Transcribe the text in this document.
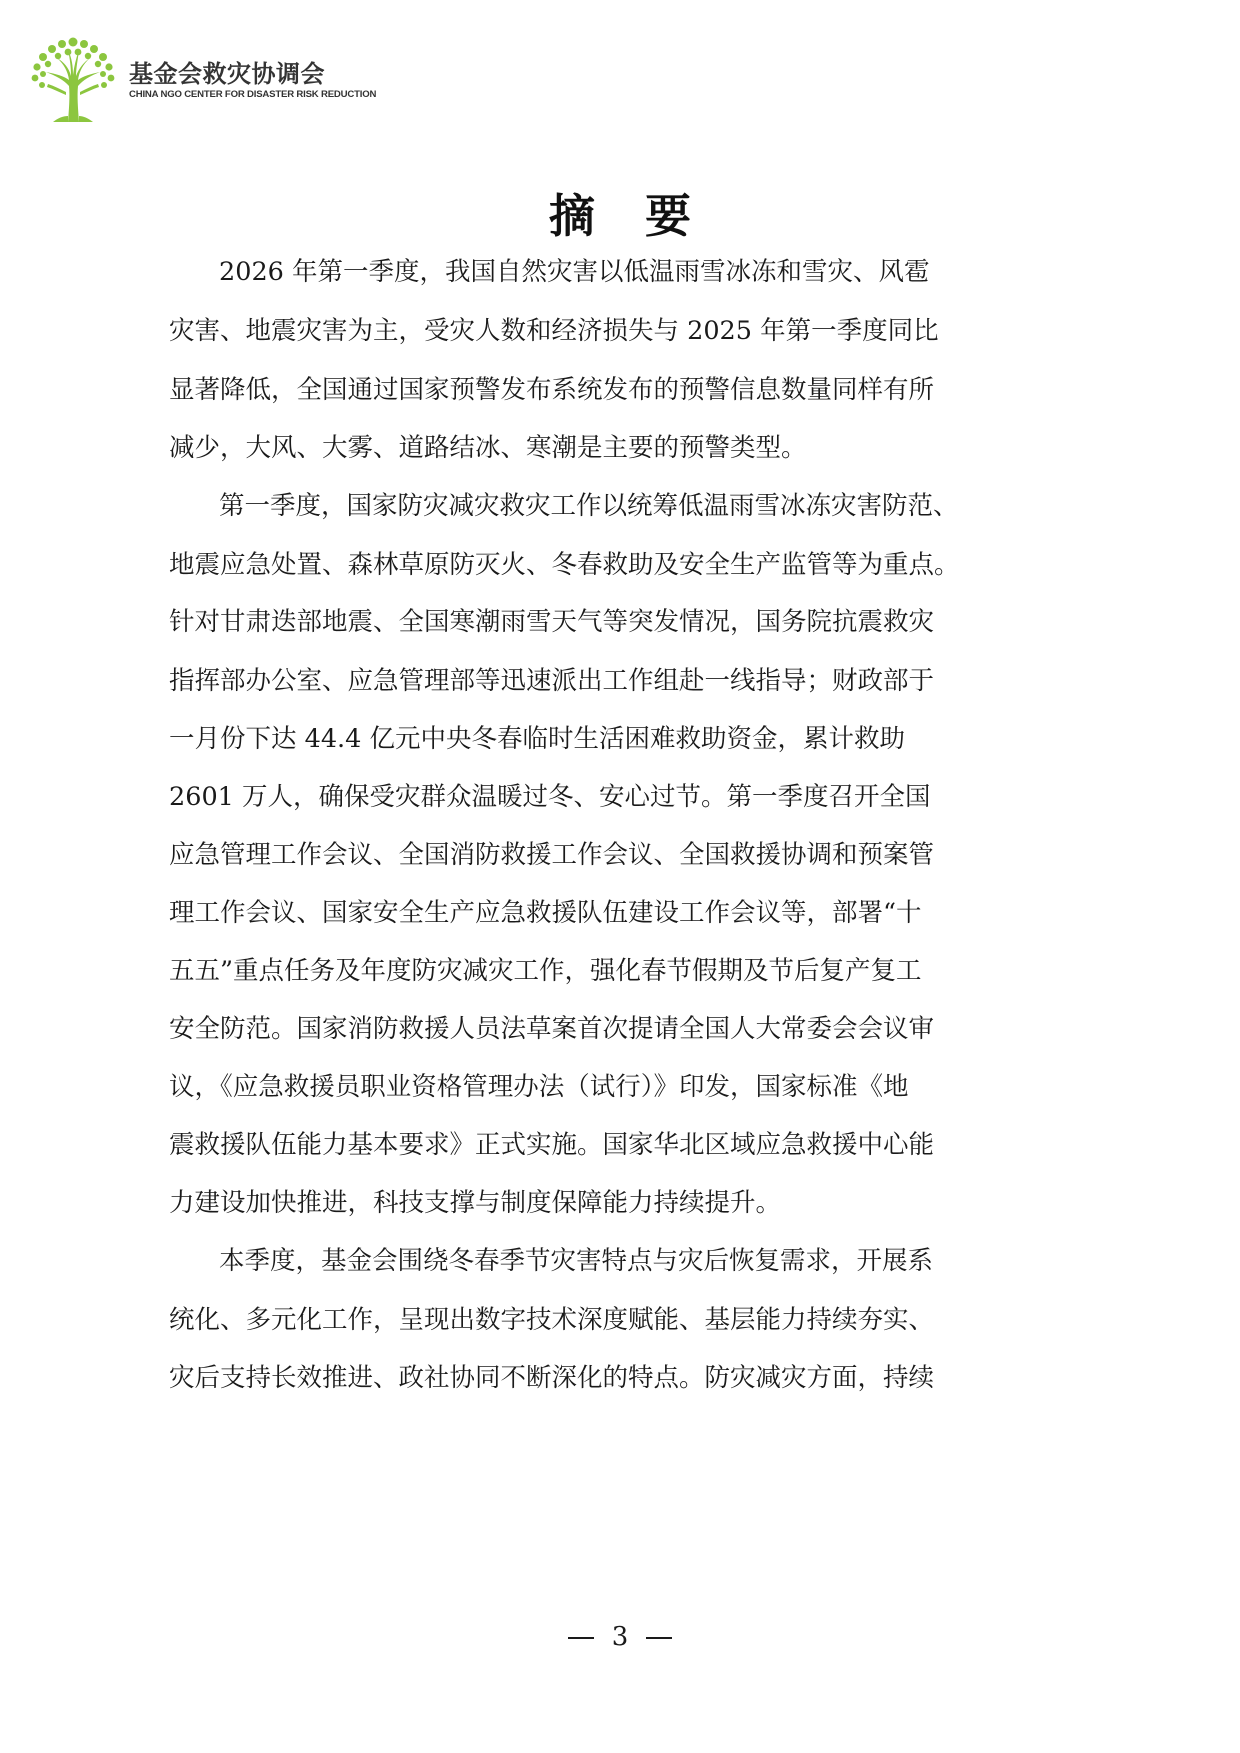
基金会救灾协调会
CHINA NGO CENTER FOR DISASTER RISK REDUCTION
摘 要
2026 年第一季度，我国自然灾害以低温雨雪冰冻和雪灾、风雹
灾害、地震灾害为主，受灾人数和经济损失与 2025 年第一季度同比
显著降低，全国通过国家预警发布系统发布的预警信息数量同样有所
减少，大风、大雾、道路结冰、寒潮是主要的预警类型。
第一季度，国家防灾减灾救灾工作以统筹低温雨雪冰冻灾害防范、
地震应急处置、森林草原防灭火、冬春救助及安全生产监管等为重点。
针对甘肃迭部地震、全国寒潮雨雪天气等突发情况，国务院抗震救灾
指挥部办公室、应急管理部等迅速派出工作组赴一线指导；财政部于
一月份下达 44.4 亿元中央冬春临时生活困难救助资金，累计救助
2601 万人，确保受灾群众温暖过冬、安心过节。第一季度召开全国
应急管理工作会议、全国消防救援工作会议、全国救援协调和预案管
理工作会议、国家安全生产应急救援队伍建设工作会议等，部署“十
五五”重点任务及年度防灾减灾工作，强化春节假期及节后复产复工
安全防范。国家消防救援人员法草案首次提请全国人大常委会会议审
议，《应急救援员职业资格管理办法（试行）》印发，国家标准《地
震救援队伍能力基本要求》正式实施。国家华北区域应急救援中心能
力建设加快推进，科技支撑与制度保障能力持续提升。
本季度，基金会围绕冬春季节灾害特点与灾后恢复需求，开展系
统化、多元化工作，呈现出数字技术深度赋能、基层能力持续夯实、
灾后支持长效推进、政社协同不断深化的特点。防灾减灾方面，持续
3
